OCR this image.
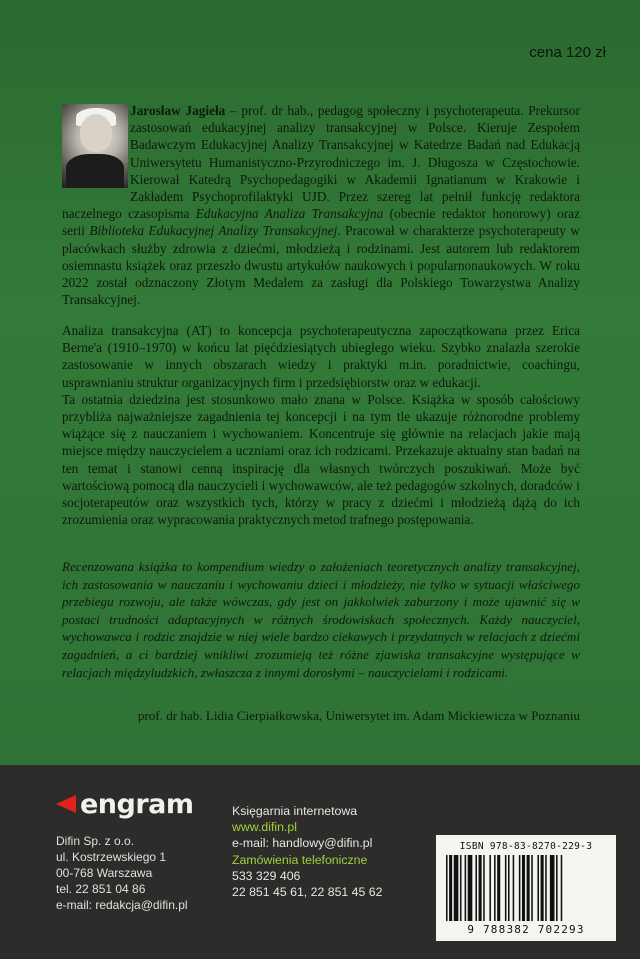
cena 120 zł
Jarosław Jagieła – prof. dr hab., pedagog społeczny i psychoterapeuta. Prekursor zastosowań edukacyjnej analizy transakcyjnej w Polsce. Kieruje Zespołem Badawczym Edukacyjnej Analizy Transakcyjnej w Katedrze Badań nad Edukacją Uniwersytetu Humanistyczno-Przyrodniczego im. J. Długosza w Częstochowie. Kierował Katedrą Psychopedagogiki w Akademii Ignatianum w Krakowie i Zakładem Psychoprofilaktyki UJD. Przez szereg lat pełnił funkcję redaktora naczelnego czasopisma Edukacyjna Analiza Transakcyjna (obecnie redaktor honorowy) oraz serii Biblioteka Edukacyjnej Analizy Transakcyjnej. Pracował w charakterze psychoterapeuty w placówkach służby zdrowia z dziećmi, młodzieżą i rodzinami. Jest autorem lub redaktorem osiemnastu książek oraz przeszło dwustu artykułów naukowych i popularnonaukowych. W roku 2022 został odznaczony Złotym Medalem za zasługi dla Polskiego Towarzystwa Analizy Transakcyjnej.

Analiza transakcyjna (AT) to koncepcja psychoterapeutyczna zapoczątkowana przez Erica Berne'a (1910–1970) w końcu lat pięćdziesiątych ubiegłego wieku. Szybko znalazła szerokie zastosowanie w innych obszarach wiedzy i praktyki m.in. poradnictwie, coachingu, usprawnianiu struktur organizacyjnych firm i przedsiębiorstw oraz w edukacji.

Ta ostatnia dziedzina jest stosunkowo mało znana w Polsce. Książka w sposób całościowy przybliża najważniejsze zagadnienia tej koncepcji i na tym tle ukazuje różnorodne problemy wiążące się z nauczaniem i wychowaniem. Koncentruje się głównie na relacjach jakie mają miejsce między nauczycielem a uczniami oraz ich rodzicami. Przekazuje aktualny stan badań na ten temat i stanowi cenną inspirację dla własnych twórczych poszukiwań. Może być wartościową pomocą dla nauczycieli i wychowawców, ale też pedagogów szkolnych, doradców i socjoterapeutów oraz wszystkich tych, którzy w pracy z dziećmi i młodzieżą dążą do ich zrozumienia oraz wypracowania praktycznych metod trafnego postępowania.

Recenzowana książka to kompendium wiedzy o założeniach teoretycznych analizy transakcyjnej, ich zastosowania w nauczaniu i wychowaniu dzieci i młodzieży, nie tylko w sytuacji właściwego przebiegu rozwoju, ale także wówczas, gdy jest on jakkolwiek zaburzony i może ujawnić się w postaci trudności adaptacyjnych w różnych środowiskach społecznych. Każdy nauczyciel, wychowawca i rodzic znajdzie w niej wiele bardzo ciekawych i przydatnych w relacjach z dziećmi zagadnień, a ci bardziej wnikliwi zrozumieją też różne zjawiska transakcyjne występujące w relacjach międzyludzkich, zwłaszcza z innymi dorosłymi – nauczycielami i rodzicami.
prof. dr hab. Lidia Cierpiałkowska, Uniwersytet im. Adam Mickiewicza w Poznaniu
engram
Difin Sp. z o.o.
ul. Kostrzewskiego 1
00-768 Warszawa
tel. 22 851 04 86
e-mail: redakcja@difin.pl
Księgarnia internetowa
www.difin.pl
e-mail: handlowy@difin.pl
Zamówienia telefoniczne
533 329 406
22 851 45 61, 22 851 45 62
ISBN 978-83-8270-229-3
9 788382 702293
